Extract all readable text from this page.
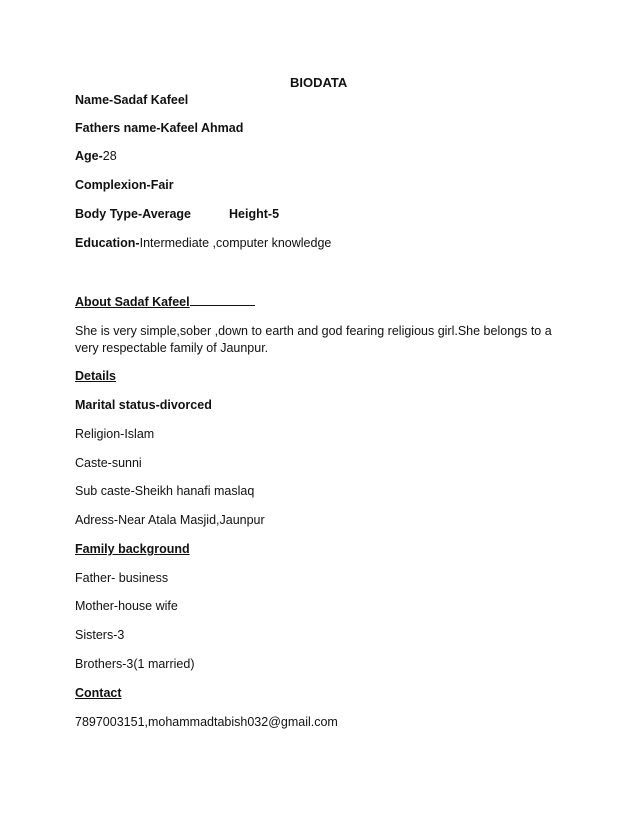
BIODATA
Name-Sadaf Kafeel
Fathers name-Kafeel Ahmad
Age-28
Complexion-Fair
Body Type-Average	Height-5
Education-Intermediate ,computer knowledge
About Sadaf Kafeel
She is very simple,sober ,down to earth and god fearing religious girl.She belongs to a very respectable family of Jaunpur.
Details
Marital status-divorced
Religion-Islam
Caste-sunni
Sub caste-Sheikh hanafi maslaq
Adress-Near Atala Masjid,Jaunpur
Family background
Father- business
Mother-house wife
Sisters-3
Brothers-3(1 married)
Contact
7897003151,mohammadtabish032@gmail.com
